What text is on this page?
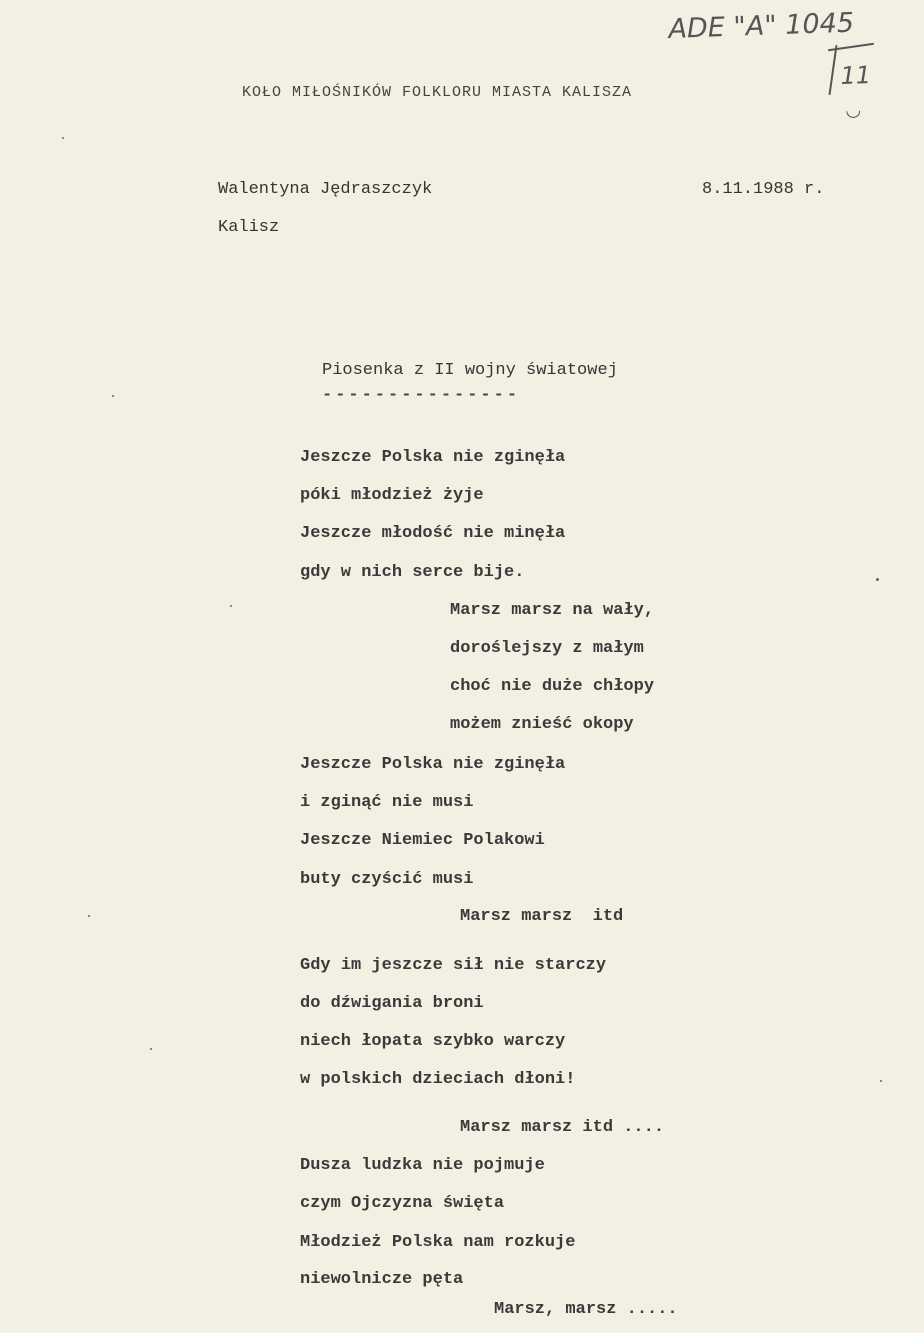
ADE "A" 1045
11
◡
KOŁO MIŁOŚNIKÓW FOLKLORU MIASTA KALISZA
Walentyna Jędraszczyk
Kalisz
8.11.1988 r.
Piosenka z II wojny światowej
---------------
Jeszcze Polska nie zginęła
póki młodzież żyje
Jeszcze młodość nie minęła
gdy w nich serce bije.
Marsz marsz na wały,
doroślejszy z małym
choć nie duże chłopy
możem znieść okopy
Jeszcze Polska nie zginęła
i zginąć nie musi
Jeszcze Niemiec Polakowi
buty czyścić musi
Marsz marsz  itd
Gdy im jeszcze sił nie starczy
do dźwigania broni
niech łopata szybko warczy
w polskich dzieciach dłoni!
Marsz marsz itd ....
Dusza ludzka nie pojmuje
czym Ojczyzna święta
Młodzież Polska nam rozkuje
niewolnicze pęta
Marsz, marsz .....
